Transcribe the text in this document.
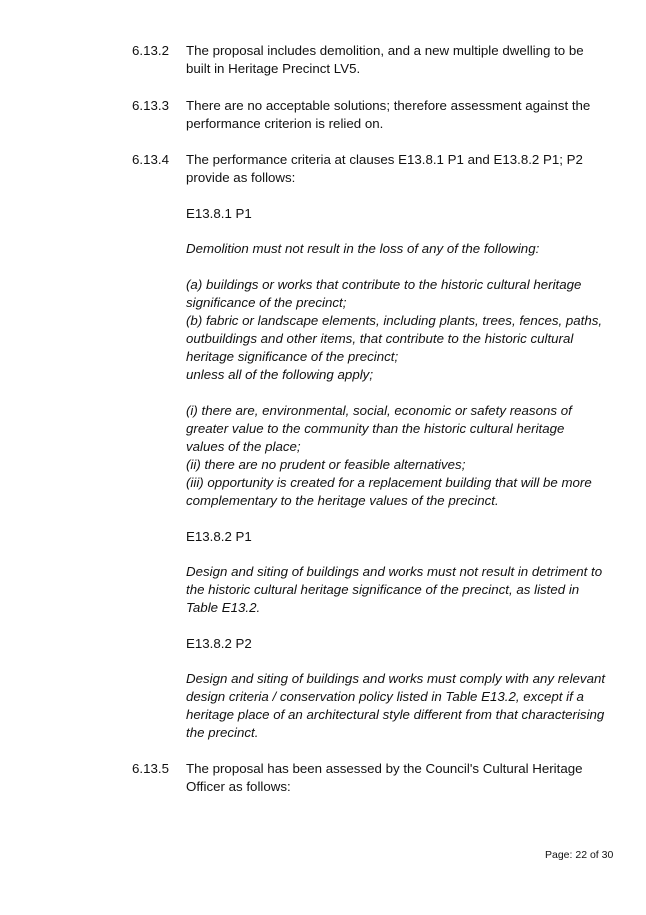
6.13.2 The proposal includes demolition, and a new multiple dwelling to be built in Heritage Precinct LV5.

6.13.3 There are no acceptable solutions; therefore assessment against the performance criterion is relied on.

6.13.4 The performance criteria at clauses E13.8.1 P1 and E13.8.2 P1; P2 provide as follows:

E13.8.1 P1

Demolition must not result in the loss of any of the following:

(a) buildings or works that contribute to the historic cultural heritage significance of the precinct;

(b) fabric or landscape elements, including plants, trees, fences, paths, outbuildings and other items, that contribute to the historic cultural heritage significance of the precinct;

unless all of the following apply;

(i) there are, environmental, social, economic or safety reasons of greater value to the community than the historic cultural heritage values of the place;

(ii) there are no prudent or feasible alternatives;

(iii) opportunity is created for a replacement building that will be more complementary to the heritage values of the precinct.

E13.8.2 P1

Design and siting of buildings and works must not result in detriment to the historic cultural heritage significance of the precinct, as listed in Table E13.2.

E13.8.2 P2

Design and siting of buildings and works must comply with any relevant design criteria / conservation policy listed in Table E13.2, except if a heritage place of an architectural style different from that characterising the precinct.

6.13.5 The proposal has been assessed by the Council's Cultural Heritage Officer as follows:

Page: 22 of 30
